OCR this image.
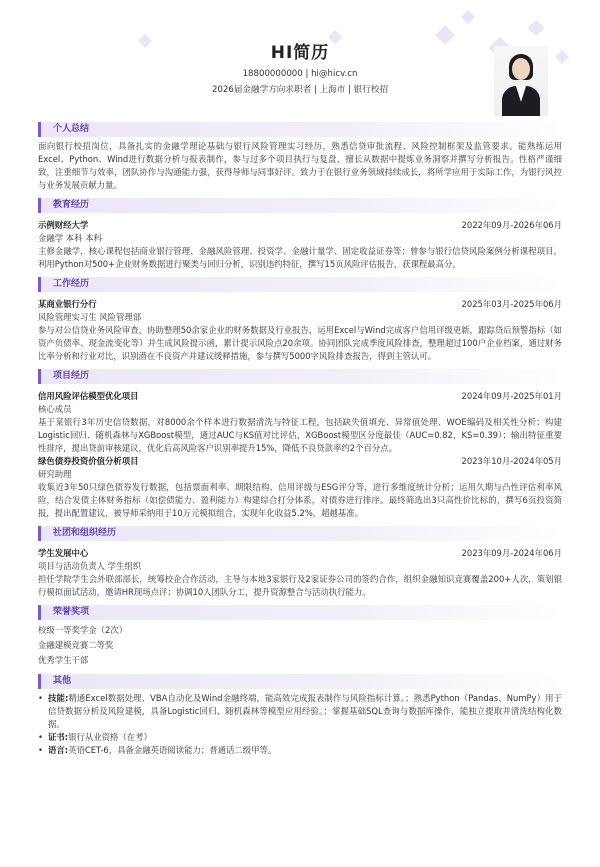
HI简历
18800000000 | hi@hicv.cn
2026届金融学方向求职者 | 上海市 | 银行校招
个人总结
面向银行校招岗位，具备扎实的金融学理论基础与银行风险管理实习经历，熟悉信贷审批流程、风险控制框架及监管要求。能熟练运用Excel、Python、Wind进行数据分析与报表制作，参与过多个项目执行与复盘，擅长从数据中提炼业务洞察并撰写分析报告。性格严谨细致，注重细节与效率，团队协作与沟通能力强，获得导师与同事好评。致力于在银行业务领域持续成长，将所学应用于实际工作，为银行风控与业务发展贡献力量。
教育经历
示例财经大学	2022年09月-2026年06月
金融学 本科 本科
主修金融学，核心课程包括商业银行管理、金融风险管理、投资学、金融计量学、固定收益证券等；曾参与银行信贷风险案例分析课程项目，利用Python对500+企业财务数据进行聚类与回归分析，识别违约特征，撰写15页风险评估报告，获课程最高分。
工作经历
某商业银行分行	2025年03月-2025年06月
风险管理实习生 风险管理部
参与对公信贷业务风险审查，协助整理50余家企业的财务数据及行业报告，运用Excel与Wind完成客户信用评级更新，跟踪贷后预警指标（如资产负债率、现金流变化等）并生成风险提示函，累计提示风险点20余项。协同团队完成季度风险排查，整理超过100户企业档案，通过财务比率分析和行业对比，识别潜在不良资产并建议缓释措施，参与撰写5000字风险排查报告，得到主管认可。
项目经历
信用风险评估模型优化项目	2024年09月-2025年01月
核心成员
基于某银行3年历史信贷数据，对8000余个样本进行数据清洗与特征工程，包括缺失值填充、异常值处理、WOE编码及相关性分析；构建Logistic回归、随机森林与XGBoost模型，通过AUC与KS值对比评估，XGBoost模型区分度最佳（AUC=0.82，KS=0.39）；输出特征重要性排序，提出贷前审核建议，优化后高风险客户识别率提升15%，降低不良贷款率约2个百分点。
绿色债券投资价值分析项目	2023年10月-2024年05月
研究助理
收集近3年50只绿色债券发行数据，包括票面利率、期限结构、信用评级与ESG评分等，进行多维度统计分析；运用久期与凸性评估利率风险，结合发债主体财务指标（如偿债能力、盈利能力）构建综合打分体系，对债券进行排序。最终筛选出3只高性价比标的，撰写6页投资简报，提出配置建议，被导师采纳用于10万元模拟组合，实现年化收益5.2%，超越基准。
社团和组织经历
学生发展中心	2023年09月-2024年06月
项目与活动负责人 学生组织
担任学院学生会外联部部长，统筹校企合作活动，主导与本地3家银行及2家证券公司的签约合作，组织金融知识竞赛覆盖200+人次，策划银行模拟面试活动，邀请HR现场点评；协调10人团队分工，提升资源整合与活动执行能力。
荣誉奖项
校级一等奖学金（2次）
金融建模竞赛二等奖
优秀学生干部
其他
• 技能:精通Excel数据处理、VBA自动化及Wind金融终端，能高效完成报表制作与风险指标计算。；熟悉Python（Pandas、NumPy）用于信贷数据分析及风险建模，具备Logistic回归、随机森林等模型应用经验。；掌握基础SQL查询与数据库操作，能独立提取并清洗结构化数据。
• 证书:银行从业资格（在考）
• 语言:英语CET-6，具备金融英语阅读能力；普通话二级甲等。
